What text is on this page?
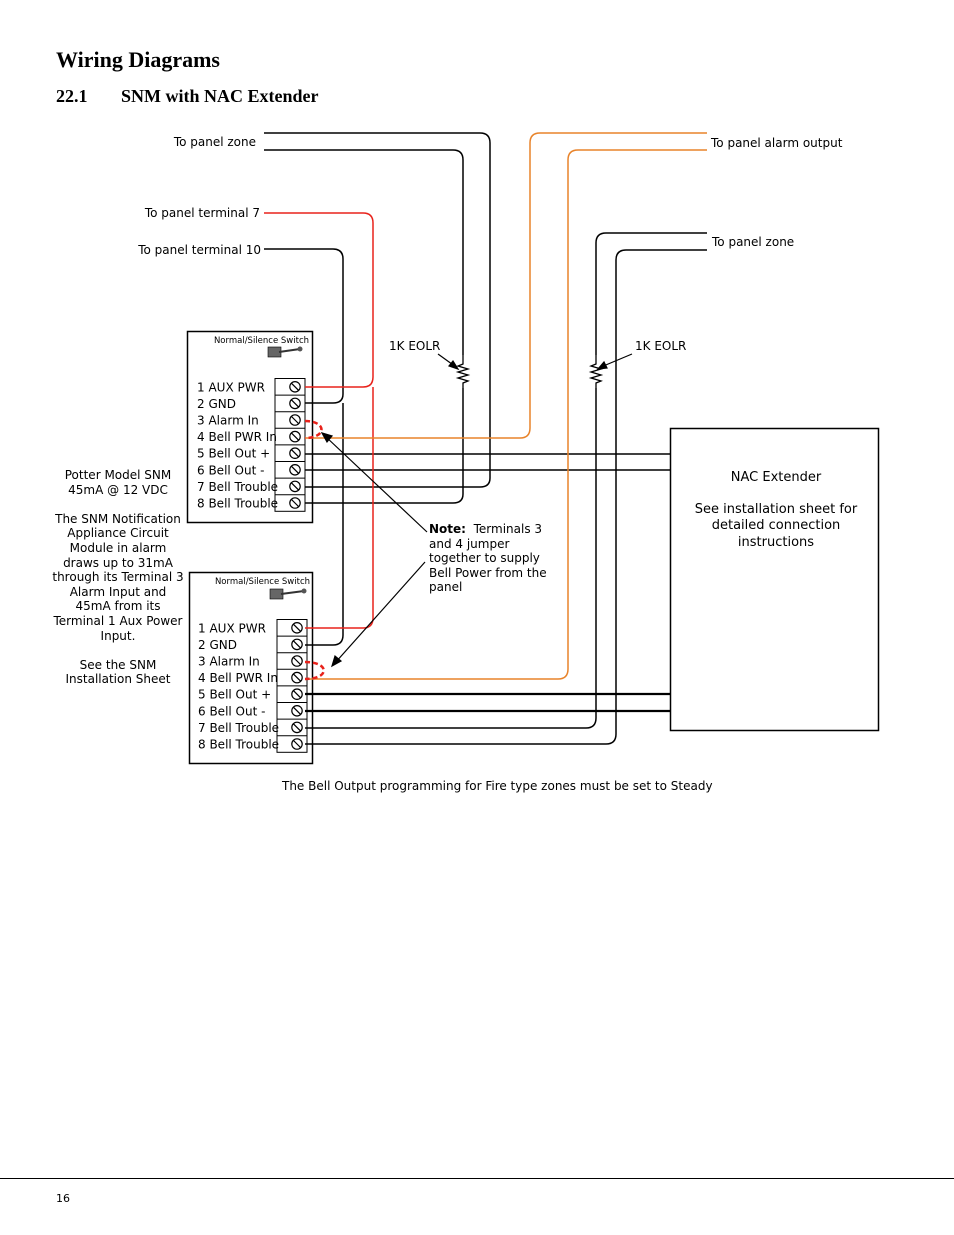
Wiring Diagrams
22.1 SNM with NAC Extender
To panel zone
To panel terminal 7
To panel terminal 10
To panel alarm output
To panel zone
1K EOLR	1K EOLR
Normal/Silence Switch
Normal/Silence Switch
1 AUX PWR
2 GND
3 Alarm In
4 Bell PWR In
5 Bell Out +
6 Bell Out -
7 Bell Trouble
8 Bell Trouble
1 AUX PWR
2 GND
3 Alarm In
4 Bell PWR In
5 Bell Out +
6 Bell Out -
7 Bell Trouble
8 Bell Trouble

Potter Model SNM 45mA @ 12 VDC

The SNM Notification Appliance Circuit Module in alarm draws up to 31mA through its Terminal 3 Alarm Input and 45mA from its Terminal 1 Aux Power Input.

See the SNM Installation Sheet

Note: Terminals 3 and 4 jumper together to supply Bell Power from the panel
NAC Extender
See installation sheet for detailed connection instructions
The Bell Output programming for Fire type zones must be set to Steady
16
